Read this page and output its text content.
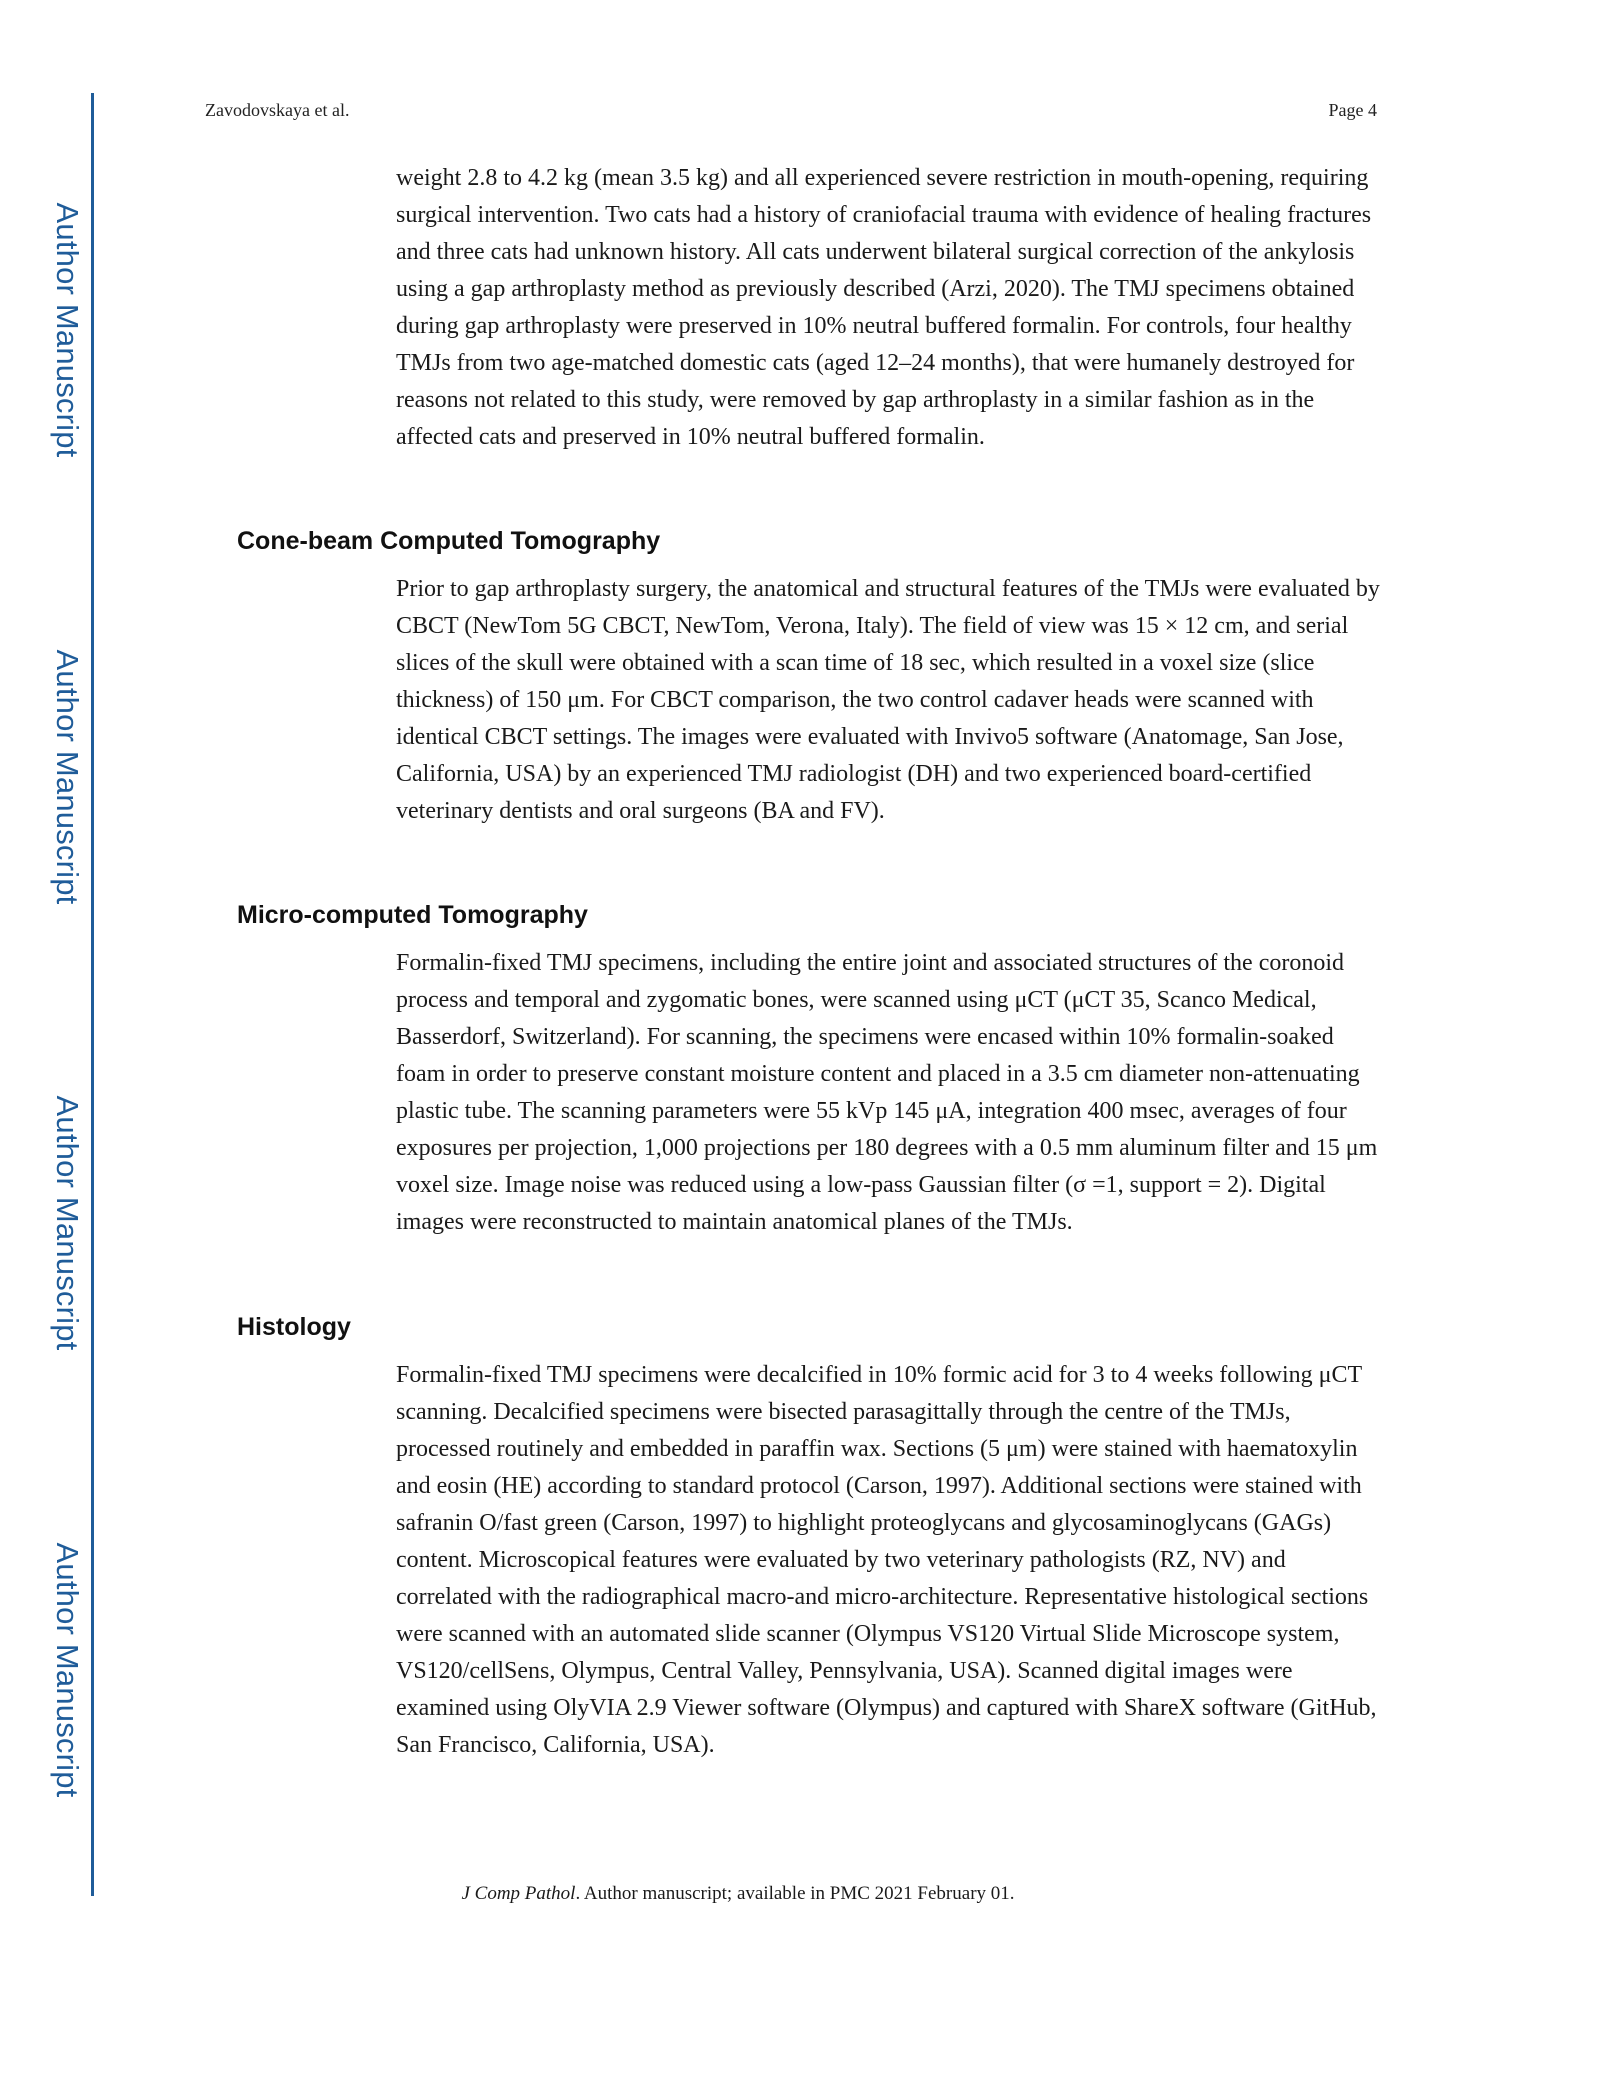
Author Manuscript
Author Manuscript
Author Manuscript
Author Manuscript
Zavodovskaya et al.	Page 4

weight 2.8 to 4.2 kg (mean 3.5 kg) and all experienced severe restriction in mouth-opening, requiring surgical intervention. Two cats had a history of craniofacial trauma with evidence of healing fractures and three cats had unknown history. All cats underwent bilateral surgical correction of the ankylosis using a gap arthroplasty method as previously described (Arzi, 2020). The TMJ specimens obtained during gap arthroplasty were preserved in 10% neutral buffered formalin. For controls, four healthy TMJs from two age-matched domestic cats (aged 12–24 months), that were humanely destroyed for reasons not related to this study, were removed by gap arthroplasty in a similar fashion as in the affected cats and preserved in 10% neutral buffered formalin.

Cone-beam Computed Tomography

Prior to gap arthroplasty surgery, the anatomical and structural features of the TMJs were evaluated by CBCT (NewTom 5G CBCT, NewTom, Verona, Italy). The field of view was 15 × 12 cm, and serial slices of the skull were obtained with a scan time of 18 sec, which resulted in a voxel size (slice thickness) of 150 μm. For CBCT comparison, the two control cadaver heads were scanned with identical CBCT settings. The images were evaluated with Invivo5 software (Anatomage, San Jose, California, USA) by an experienced TMJ radiologist (DH) and two experienced board-certified veterinary dentists and oral surgeons (BA and FV).

Micro-computed Tomography

Formalin-fixed TMJ specimens, including the entire joint and associated structures of the coronoid process and temporal and zygomatic bones, were scanned using μCT (μCT 35, Scanco Medical, Basserdorf, Switzerland). For scanning, the specimens were encased within 10% formalin-soaked foam in order to preserve constant moisture content and placed in a 3.5 cm diameter non-attenuating plastic tube. The scanning parameters were 55 kVp 145 μA, integration 400 msec, averages of four exposures per projection, 1,000 projections per 180 degrees with a 0.5 mm aluminum filter and 15 μm voxel size. Image noise was reduced using a low-pass Gaussian filter (σ =1, support = 2). Digital images were reconstructed to maintain anatomical planes of the TMJs.

Histology

Formalin-fixed TMJ specimens were decalcified in 10% formic acid for 3 to 4 weeks following μCT scanning. Decalcified specimens were bisected parasagittally through the centre of the TMJs, processed routinely and embedded in paraffin wax. Sections (5 μm) were stained with haematoxylin and eosin (HE) according to standard protocol (Carson, 1997). Additional sections were stained with safranin O/fast green (Carson, 1997) to highlight proteoglycans and glycosaminoglycans (GAGs) content. Microscopical features were evaluated by two veterinary pathologists (RZ, NV) and correlated with the radiographical macro-and micro-architecture. Representative histological sections were scanned with an automated slide scanner (Olympus VS120 Virtual Slide Microscope system, VS120/cellSens, Olympus, Central Valley, Pennsylvania, USA). Scanned digital images were examined using OlyVIA 2.9 Viewer software (Olympus) and captured with ShareX software (GitHub, San Francisco, California, USA).

J Comp Pathol. Author manuscript; available in PMC 2021 February 01.
